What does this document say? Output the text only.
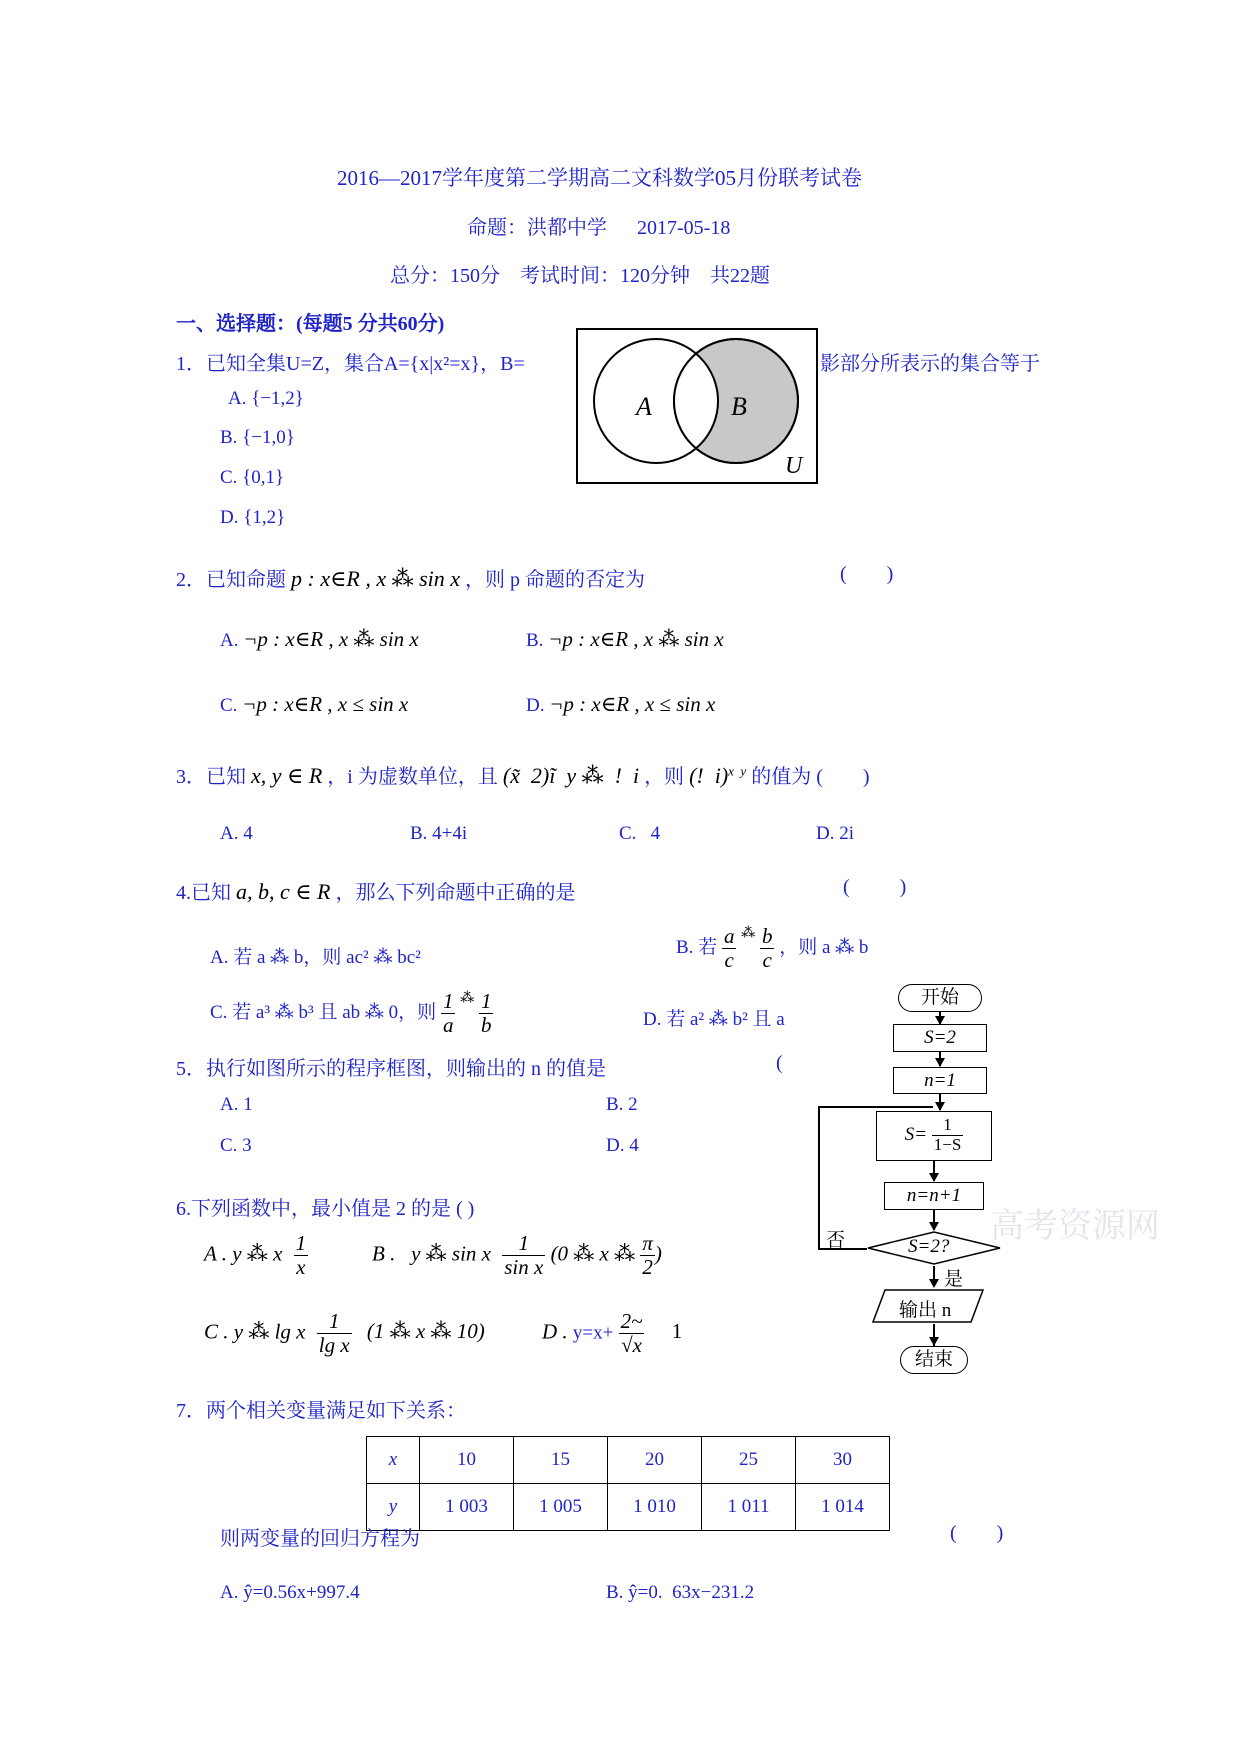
2016—2017学年度第二学期高二文科数学05月份联考试卷
命题：洪都中学      2017-05-18
总分：150分    考试时间：120分钟    共22题
一、选择题：(每题5 分共60分)
1．已知全集U=Z，集合A={x|x²=x}，B=	影部分所表示的集合等于
A. {−1,2}
B. {−1,0}
C. {0,1}
D. {1,2}
A	B
U
2．已知命题 p : x∈R , x ⁂ sin x ，则 p 命题的否定为	(        )
A. ¬p : x∈R , x ⁂ sin x	B. ¬p : x∈R , x ⁂ sin x
C. ¬p : x∈R , x ≤ sin x	D. ¬p : x∈R , x ≤ sin x
3．已知 x, y ∈ R ，i 为虚数单位，且 (x̃  2)ĩ  y ⁂  !  i ，则 (!  i)$^{x y}$ 的值为 (        )
A. 4	B. 4+4i	C.   4	D. 2i
4.已知 a, b, c ∈ R ，那么下列命题中正确的是	(          )
A. 若 a ⁂ b，则 ac² ⁂ bc²	B. 若 $\frac{a}{c} ^⁂ \frac{b}{c}$ ，则 a ⁂ b
C. 若 a³ ⁂ b³ 且 ab ⁂ 0，则 $\frac{1}{a} ^⁂ \frac{1}{b}$	D. 若 a² ⁂ b² 且 a
5．执行如图所示的程序框图，则输出的 n 的值是	(
A. 1	B. 2
C. 3	D. 4
高考资源网
开始
S=2
n=1
$S= \frac{1}{1-S}$
n=n+1
S=2?
否
是
输出 n
结束
6.下列函数中，最小值是 2 的是 ( )
A . y ⁂ x $\frac{1}{x}$	B .   y ⁂ sin x $\frac{1}{\text{sin x}} (0$ ⁂ x ⁂ $\frac{\pi}{2}$ )
C . y ⁂ lg x $\frac{1}{\text{lg x}} (1$ ⁂ x ⁂ 10)	D . $y=x+ \frac{2\sim}{√x} 1$
7．两个相关变量满足如下关系：
x	10	15	20	25	30
y	1 003	1 005	1 010	1 011	1 014
则两变量的回归方程为	(        )
A. ŷ=0.56x+997.4	B. ŷ=0.  63x−231.2
